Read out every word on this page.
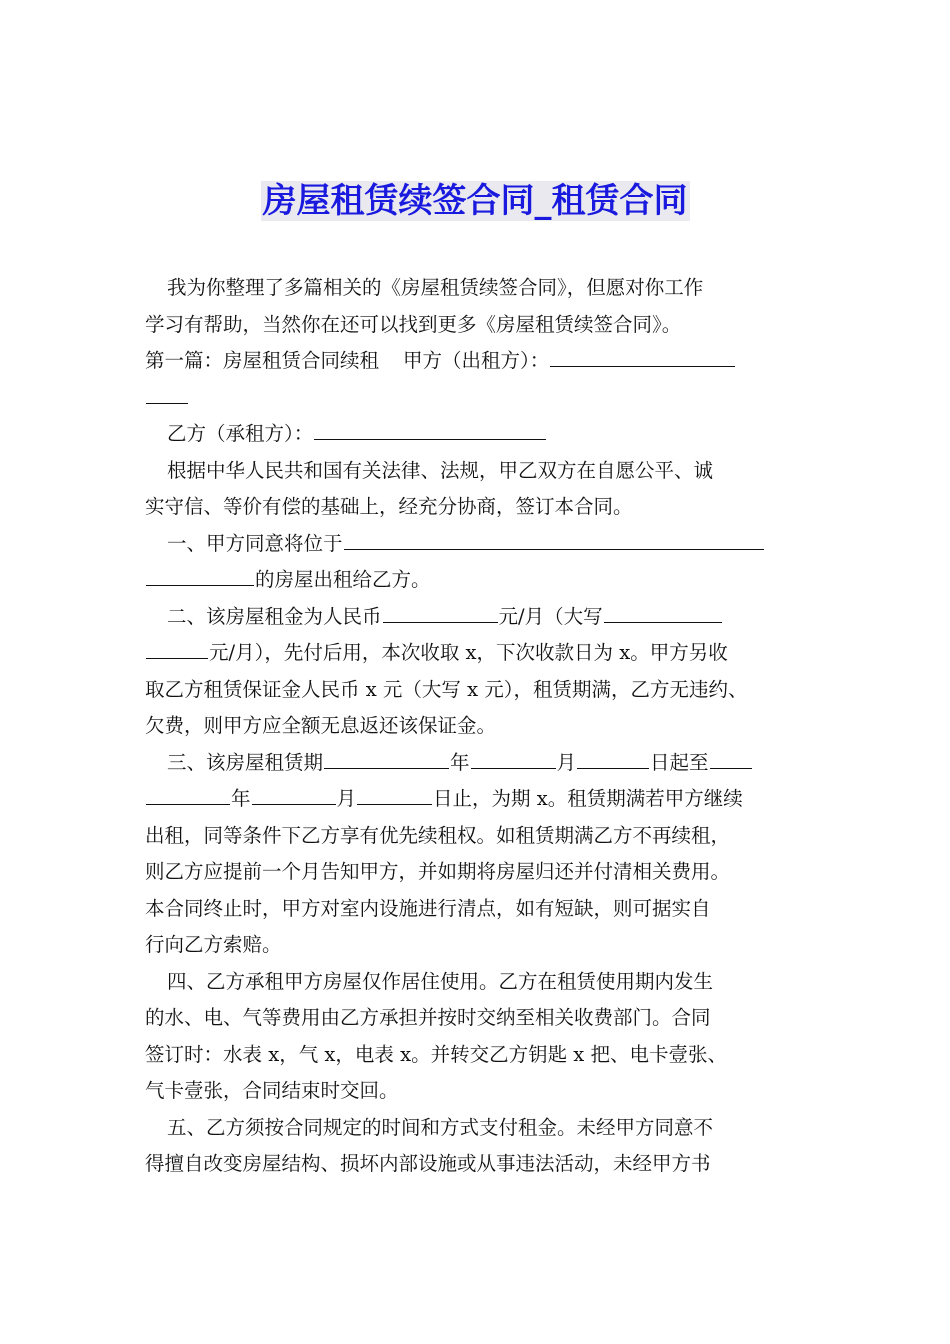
房屋租赁续签合同_租赁合同
我为你整理了多篇相关的《房屋租赁续签合同》，但愿对你工作
学习有帮助，当然你在还可以找到更多《房屋租赁续签合同》。
第一篇：房屋租赁合同续租 甲方（出租方）：
乙方（承租方）：
根据中华人民共和国有关法律、法规，甲乙双方在自愿公平、诚
实守信、等价有偿的基础上，经充分协商，签订本合同。
一、甲方同意将位于
的房屋出租给乙方。
二、该房屋租金为人民币	元/月（大写
元/月），先付后用，本次收取 x，下次收款日为 x。甲方另收
取乙方租赁保证金人民币 x 元（大写 x 元），租赁期满，乙方无违约、
欠费，则甲方应全额无息返还该保证金。
三、该房屋租赁期	年	月	日起至
年	月	日止，为期 x。租赁期满若甲方继续
出租，同等条件下乙方享有优先续租权。如租赁期满乙方不再续租，
则乙方应提前一个月告知甲方，并如期将房屋归还并付清相关费用。
本合同终止时，甲方对室内设施进行清点，如有短缺，则可据实自
行向乙方索赔。
四、乙方承租甲方房屋仅作居住使用。乙方在租赁使用期内发生
的水、电、气等费用由乙方承担并按时交纳至相关收费部门。合同
签订时：水表 x，气 x，电表 x。并转交乙方钥匙 x 把、电卡壹张、
气卡壹张，合同结束时交回。
五、乙方须按合同规定的时间和方式支付租金。未经甲方同意不
得擅自改变房屋结构、损坏内部设施或从事违法活动，未经甲方书
